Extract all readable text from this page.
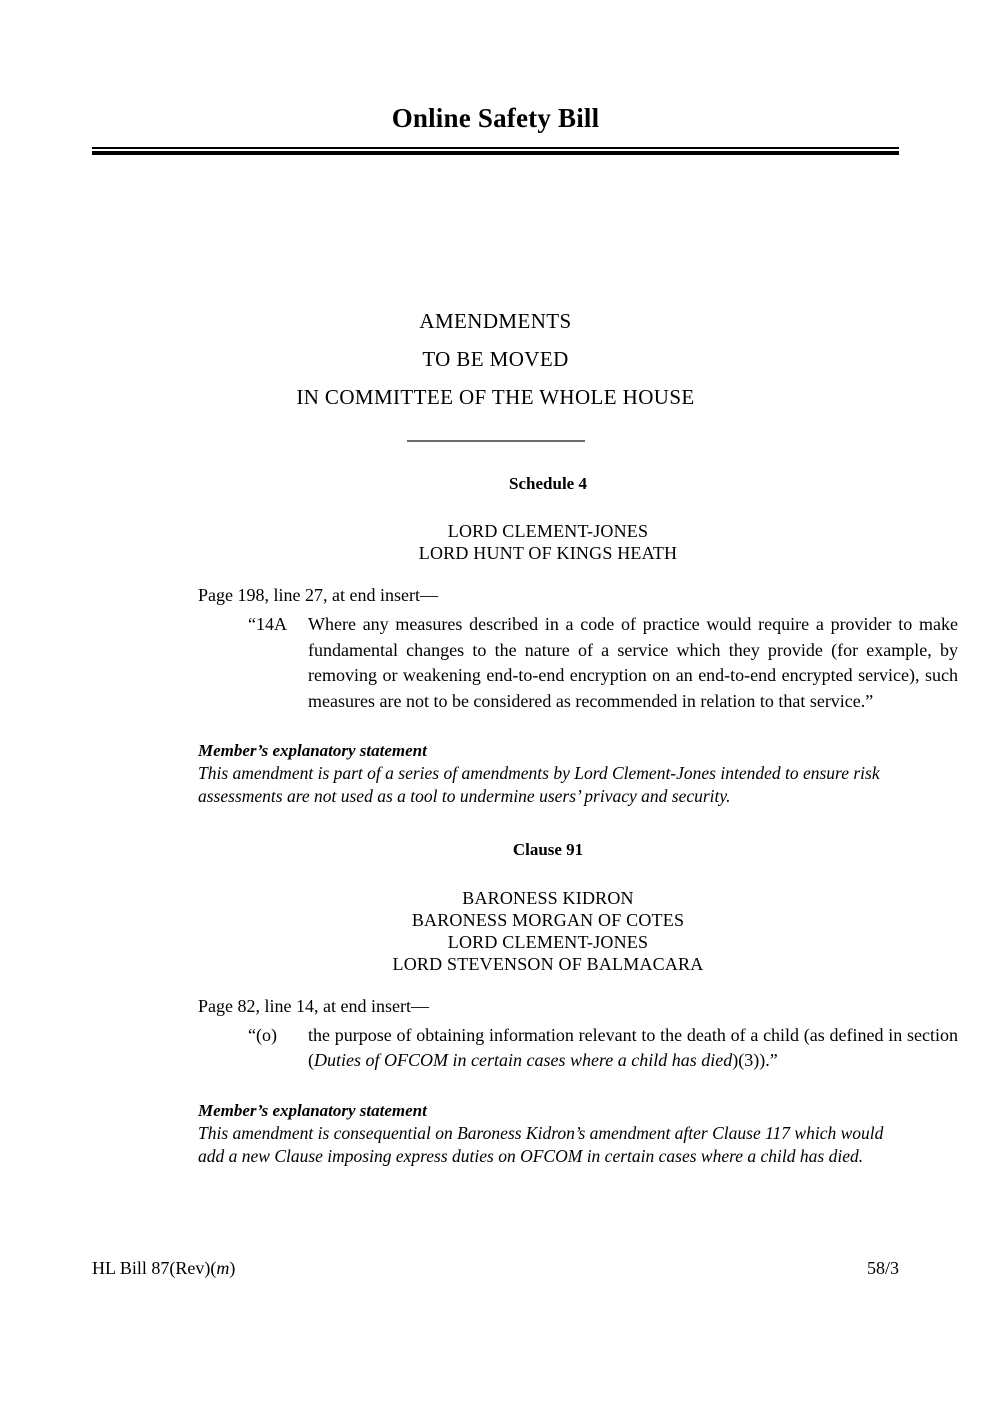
Online Safety Bill
AMENDMENTS
TO BE MOVED
IN COMMITTEE OF THE WHOLE HOUSE
Schedule 4
LORD CLEMENT-JONES
LORD HUNT OF KINGS HEATH
Page 198, line 27, at end insert—
“14A Where any measures described in a code of practice would require a provider to make fundamental changes to the nature of a service which they provide (for example, by removing or weakening end-to-end encryption on an end-to-end encrypted service), such measures are not to be considered as recommended in relation to that service.”
Member’s explanatory statement
This amendment is part of a series of amendments by Lord Clement-Jones intended to ensure risk assessments are not used as a tool to undermine users’ privacy and security.
Clause 91
BARONESS KIDRON
BARONESS MORGAN OF COTES
LORD CLEMENT-JONES
LORD STEVENSON OF BALMACARA
Page 82, line 14, at end insert—
“(o) the purpose of obtaining information relevant to the death of a child (as defined in section (Duties of OFCOM in certain cases where a child has died)(3)).”
Member’s explanatory statement
This amendment is consequential on Baroness Kidron’s amendment after Clause 117 which would add a new Clause imposing express duties on OFCOM in certain cases where a child has died.
HL Bill 87(Rev)(m)	58/3
